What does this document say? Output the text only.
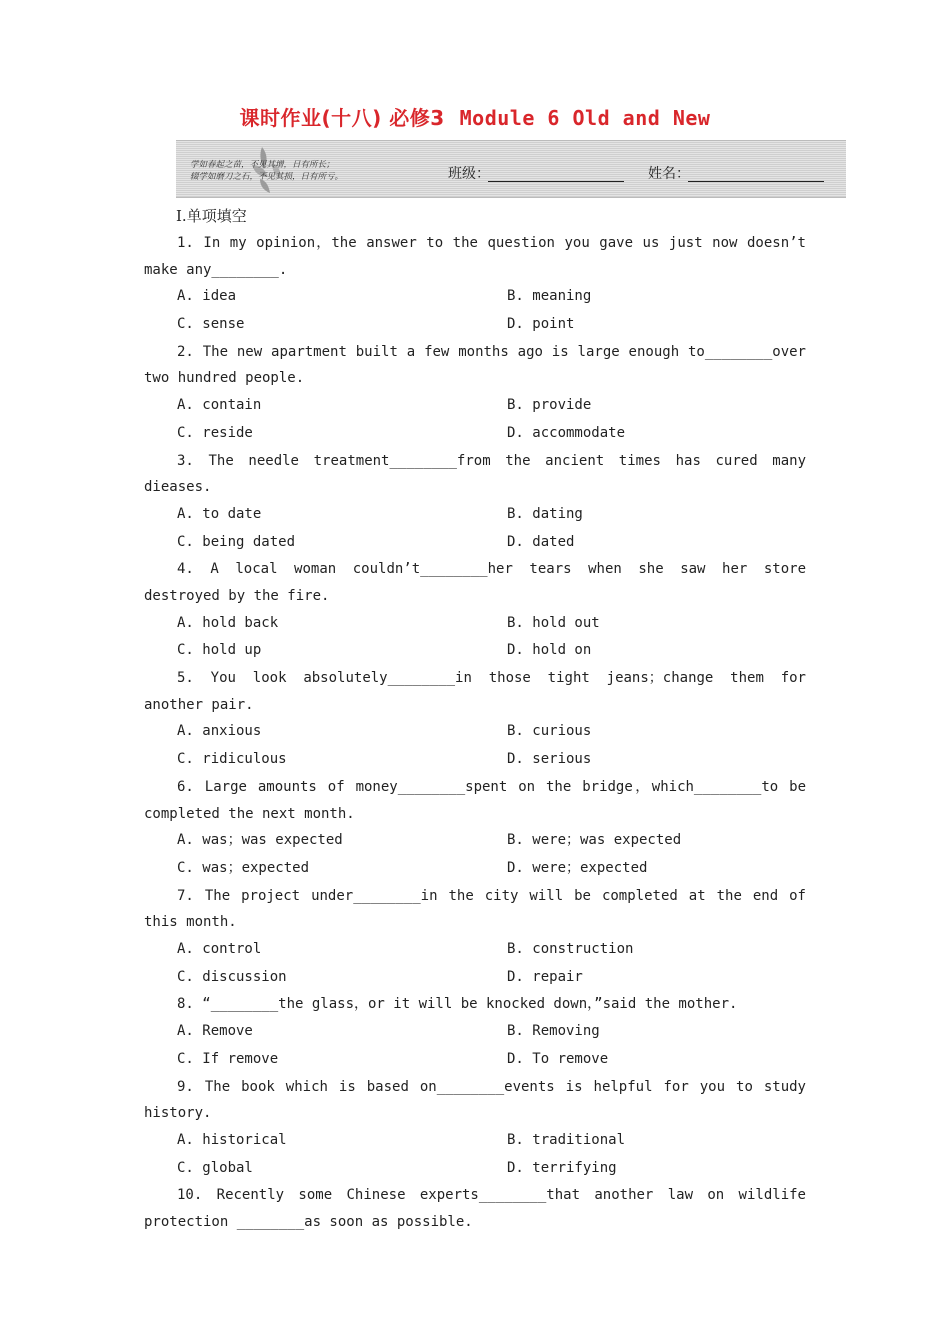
课时作业(十八) 必修3 Module 6 Old and New
学如春起之苗，不见其增，日有所长；
辍学如磨刀之石，不见其损，日有所亏。	班级：	姓名：
Ⅰ.单项填空

1. In my opinion，the answer to the question you gave us just now doesn’t make any________.

A. idea	B. meaning
C. sense	D. point

2. The new apartment built a few months ago is large enough to________over two hundred people.

A. contain	B. provide
C. reside	D. accommodate

3. The needle treatment________from the ancient times has cured many dieases.

A. to date	B. dating
C. being dated	D. dated

4. A local woman couldn’t________her tears when she saw her store destroyed by the fire.

A. hold back	B. hold out
C. hold up	D. hold on

5. You look absolutely________in those tight jeans；change them for another pair.

A. anxious	B. curious
C. ridiculous	D. serious

6. Large amounts of money________spent on the bridge，which________to be completed the next month.

A. was；was expected	B. were；was expected
C. was；expected	D. were；expected

7. The project under________in the city will be completed at the end of this month.

A. control	B. construction
C. discussion	D. repair

8. “________the glass，or it will be knocked down，”said the mother.

A. Remove	B. Removing
C. If remove	D. To remove

9. The book which is based on________events is helpful for you to study history.

A. historical	B. traditional
C. global	D. terrifying

10. Recently some Chinese experts________that another law on wildlife protection ________as soon as possible.
